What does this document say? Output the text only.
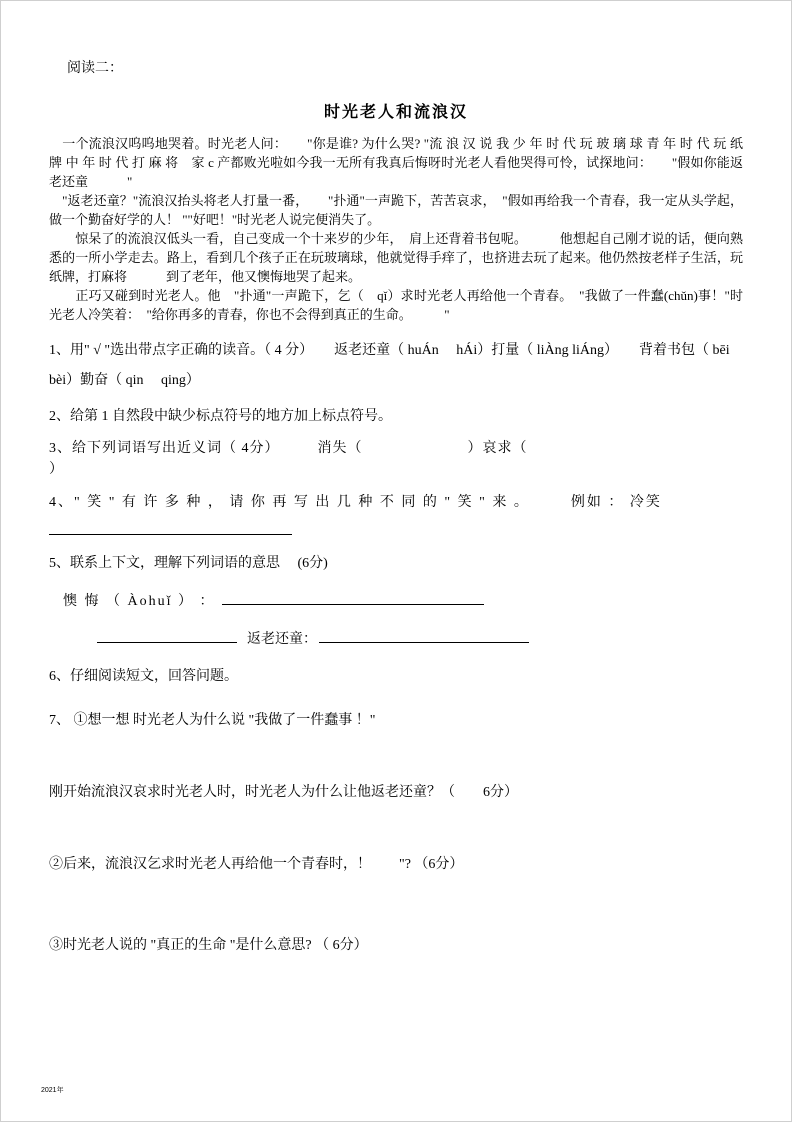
阅读二：
时光老人和流浪汉

　一个流浪汉呜呜地哭着。时光老人问：　　"你是谁? 为什么哭? "流 浪 汉 说 我 少 年 时 代 玩 玻 璃 球 青 年 时 代 玩 纸 牌 中 年 时 代 打 麻 将　家 c 产都败光啦如今我一无所有我真后悔呀时光老人看他哭得可怜，试探地问：　　"假如你能返老还童　　　"

　"返老还童？"流浪汉抬头将老人打量一番，　　"扑通"一声跪下，苦苦哀求，　"假如再给我一个青春，我一定从头学起，做一个勤奋好学的人！ ""好吧！"时光老人说完便消失了。

　　惊呆了的流浪汉低头一看，自己变成一个十来岁的少年，　肩上还背着书包呢。　　　他想起自己刚才说的话，便向熟悉的一所小学走去。路上，看到几个孩子正在玩玻璃球，他就觉得手痒了，也挤进去玩了起来。他仍然按老样子生活，玩纸牌，打麻将　　　到了老年，他又懊悔地哭了起来。

　　正巧又碰到时光老人。他　"扑通"一声跪下，乞（　qǐ）求时光老人再给他一个青春。　"我做了一件蠢(chǔn)事！"时光老人冷笑着：　"给你再多的青春，你也不会得到真正的生命。　　　"

1、用" √ "选出带点字正确的读音。（ 4 分）　　返老还童（ huÁn　 hÁi）打量（ liÀng liÁng）　　背着书包（ bēi　 bèi）勤奋（ qin　 qing）
2、给第 1 自然段中缺少标点符号的地方加上标点符号。
3、给下列词语写出近义词（ 4分）　　　消失（　　　　　　　）哀求（　　　　　　　　　　　　　　　）
4、" 笑 " 有 许 多 种 ， 请 你 再 写 出 几 种 不 同 的 " 笑 " 来 。　　　例如 ： 冷笑
5、联系上下文，理解下列词语的意思　 (6分)
懊 悔 （ Àohuǐ ） ：
返老还童：
6、仔细阅读短文，回答问题。
7、 ①想一想 时光老人为什么说 "我做了一件蠢事 ！"
刚开始流浪汉哀求时光老人时，时光老人为什么让他返老还童？（　　6分）
②后来，流浪汉乞求时光老人再给他一个青春时，！　　"? （6分）
③时光老人说的 "真正的生命 "是什么意思? （ 6分）
2021年
